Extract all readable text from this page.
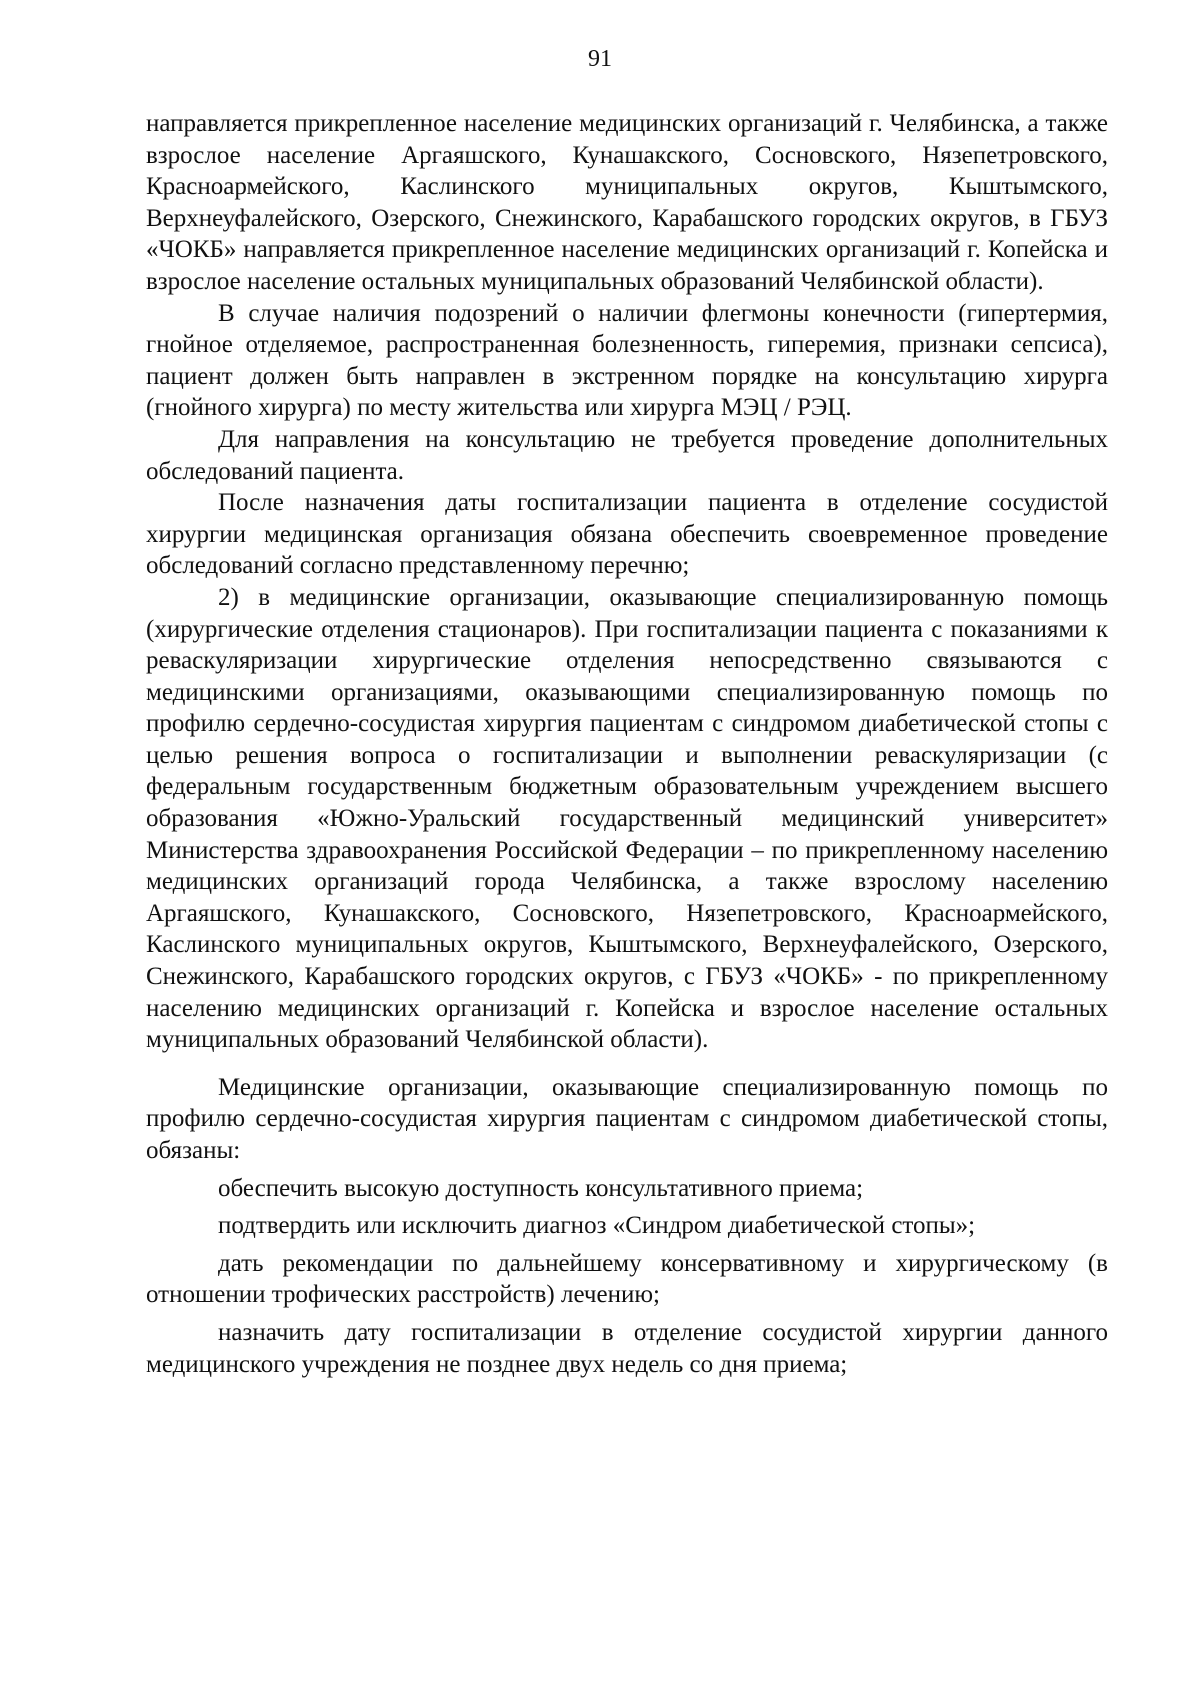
91

направляется прикрепленное население медицинских организаций г. Челябинска, а также взрослое население Аргаяшского, Кунашакского, Сосновского, Нязепетровского, Красноармейского, Каслинского муниципальных округов, Кыштымского, Верхнеуфалейского, Озерского, Снежинского, Карабашского городских округов, в ГБУЗ «ЧОКБ» направляется прикрепленное население медицинских организаций г. Копейска и взрослое население остальных муниципальных образований Челябинской области).

В случае наличия подозрений о наличии флегмоны конечности (гипертермия, гнойное отделяемое, распространенная болезненность, гиперемия, признаки сепсиса), пациент должен быть направлен в экстренном порядке на консультацию хирурга (гнойного хирурга) по месту жительства или хирурга МЭЦ / РЭЦ.

Для направления на консультацию не требуется проведение дополнительных обследований пациента.

После назначения даты госпитализации пациента в отделение сосудистой хирургии медицинская организация обязана обеспечить своевременное проведение обследований согласно представленному перечню;

2) в медицинские организации, оказывающие специализированную помощь (хирургические отделения стационаров). При госпитализации пациента с показаниями к реваскуляризации хирургические отделения непосредственно связываются с медицинскими организациями, оказывающими специализированную помощь по профилю сердечно-сосудистая хирургия пациентам с синдромом диабетической стопы с целью решения вопроса о госпитализации и выполнении реваскуляризации (с федеральным государственным бюджетным образовательным учреждением высшего образования «Южно-Уральский государственный медицинский университет» Министерства здравоохранения Российской Федерации – по прикрепленному населению медицинских организаций города Челябинска, а также взрослому населению Аргаяшского, Кунашакского, Сосновского, Нязепетровского, Красноармейского, Каслинского муниципальных округов, Кыштымского, Верхнеуфалейского, Озерского, Снежинского, Карабашского городских округов, с ГБУЗ «ЧОКБ» - по прикрепленному населению медицинских организаций г. Копейска и взрослое население остальных муниципальных образований Челябинской области).

Медицинские организации, оказывающие специализированную помощь по профилю сердечно-сосудистая хирургия пациентам с синдромом диабетической стопы, обязаны:

обеспечить высокую доступность консультативного приема;

подтвердить или исключить диагноз «Синдром диабетической стопы»;

дать рекомендации по дальнейшему консервативному и хирургическому (в отношении трофических расстройств) лечению;

назначить дату госпитализации в отделение сосудистой хирургии данного медицинского учреждения не позднее двух недель со дня приема;
